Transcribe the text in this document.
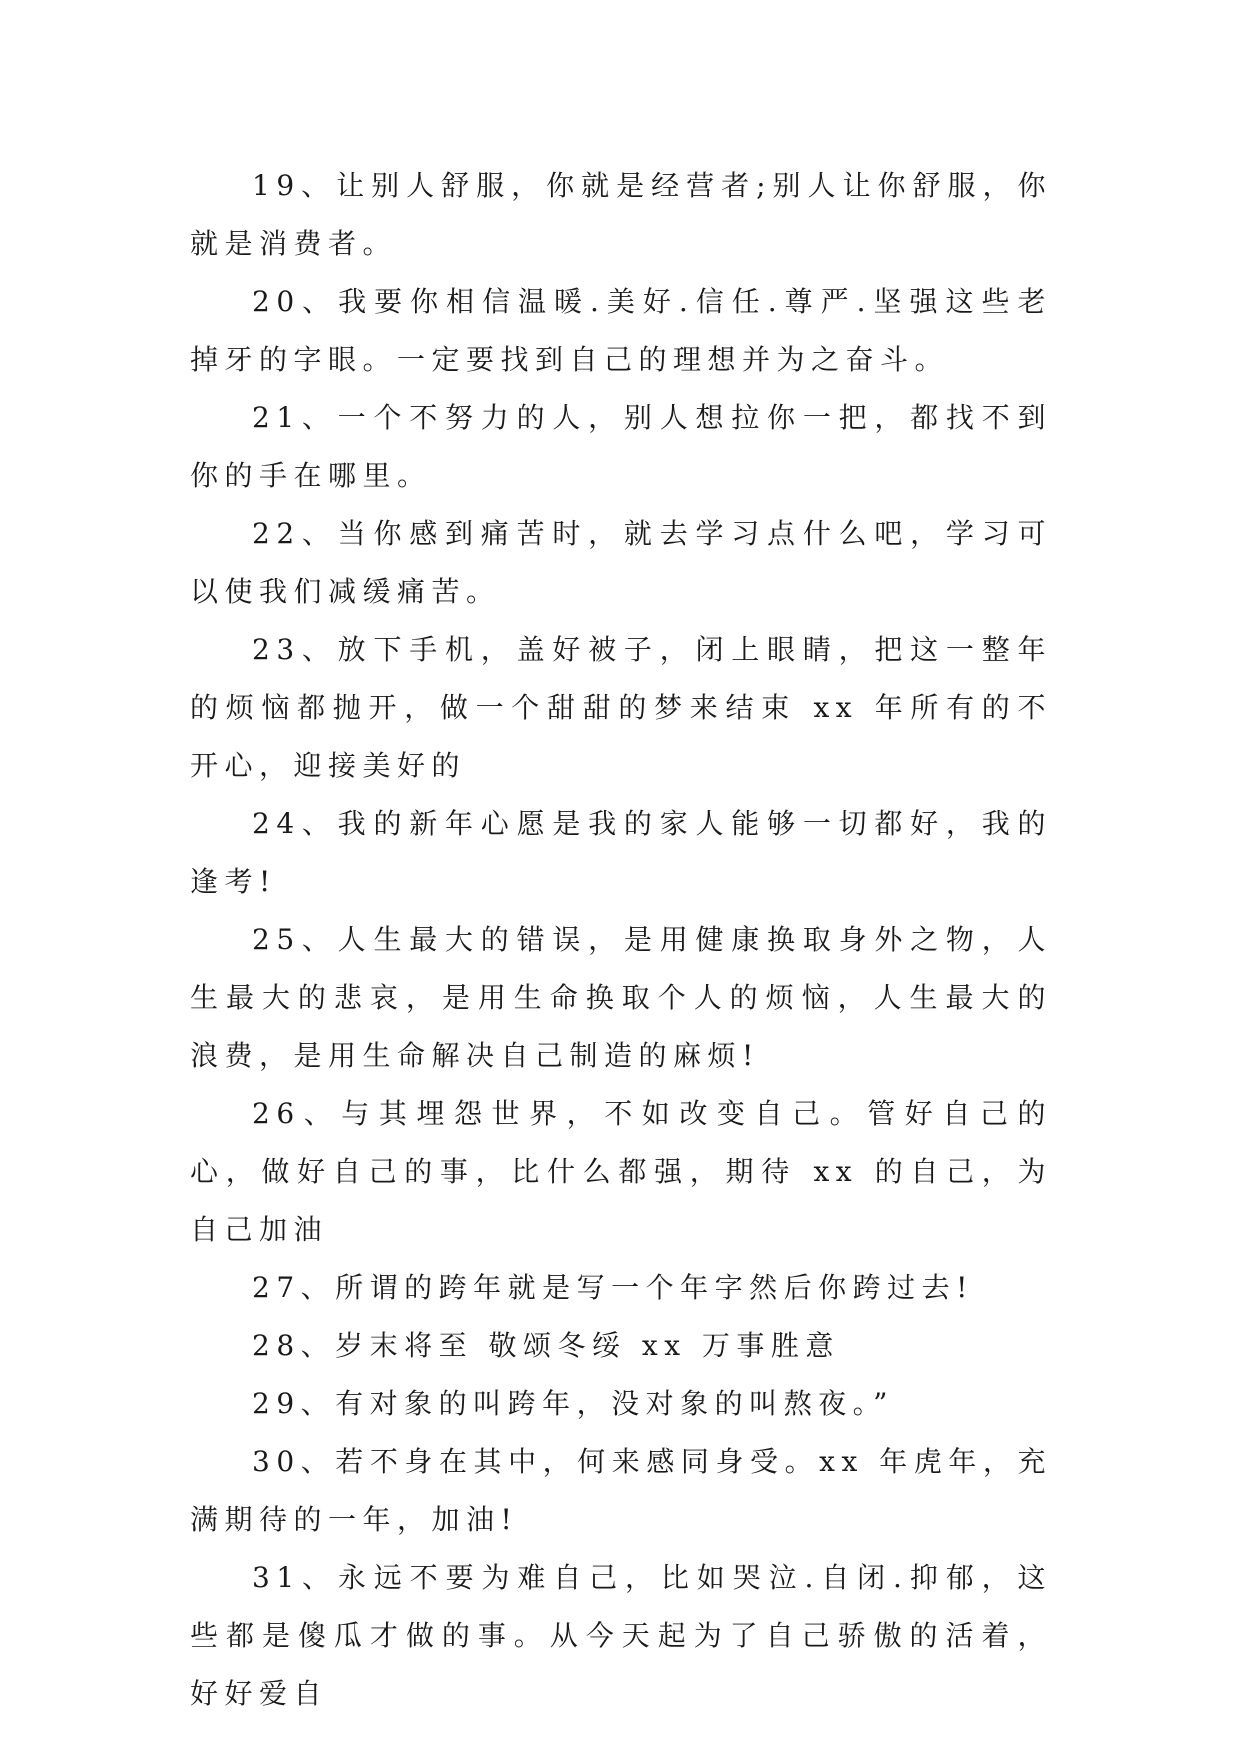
19、让别人舒服，你就是经营者;别人让你舒服，你就是消费者。

20、我要你相信温暖.美好.信任.尊严.坚强这些老掉牙的字眼。一定要找到自己的理想并为之奋斗。

21、一个不努力的人，别人想拉你一把，都找不到你的手在哪里。

22、当你感到痛苦时，就去学习点什么吧，学习可以使我们减缓痛苦。

23、放下手机，盖好被子，闭上眼睛，把这一整年的烦恼都抛开，做一个甜甜的梦来结束 xx 年所有的不开心，迎接美好的

24、我的新年心愿是我的家人能够一切都好，我的逢考!

25、人生最大的错误，是用健康换取身外之物，人生最大的悲哀，是用生命换取个人的烦恼，人生最大的浪费，是用生命解决自己制造的麻烦!

26、与其埋怨世界，不如改变自己。管好自己的心，做好自己的事，比什么都强，期待 xx 的自己，为自己加油

27、所谓的跨年就是写一个年字然后你跨过去!

28、岁末将至 敬颂冬绥 xx 万事胜意

29、有对象的叫跨年，没对象的叫熬夜。”

30、若不身在其中，何来感同身受。xx 年虎年，充满期待的一年，加油!

31、永远不要为难自己，比如哭泣.自闭.抑郁，这些都是傻瓜才做的事。从今天起为了自己骄傲的活着，好好爱自
